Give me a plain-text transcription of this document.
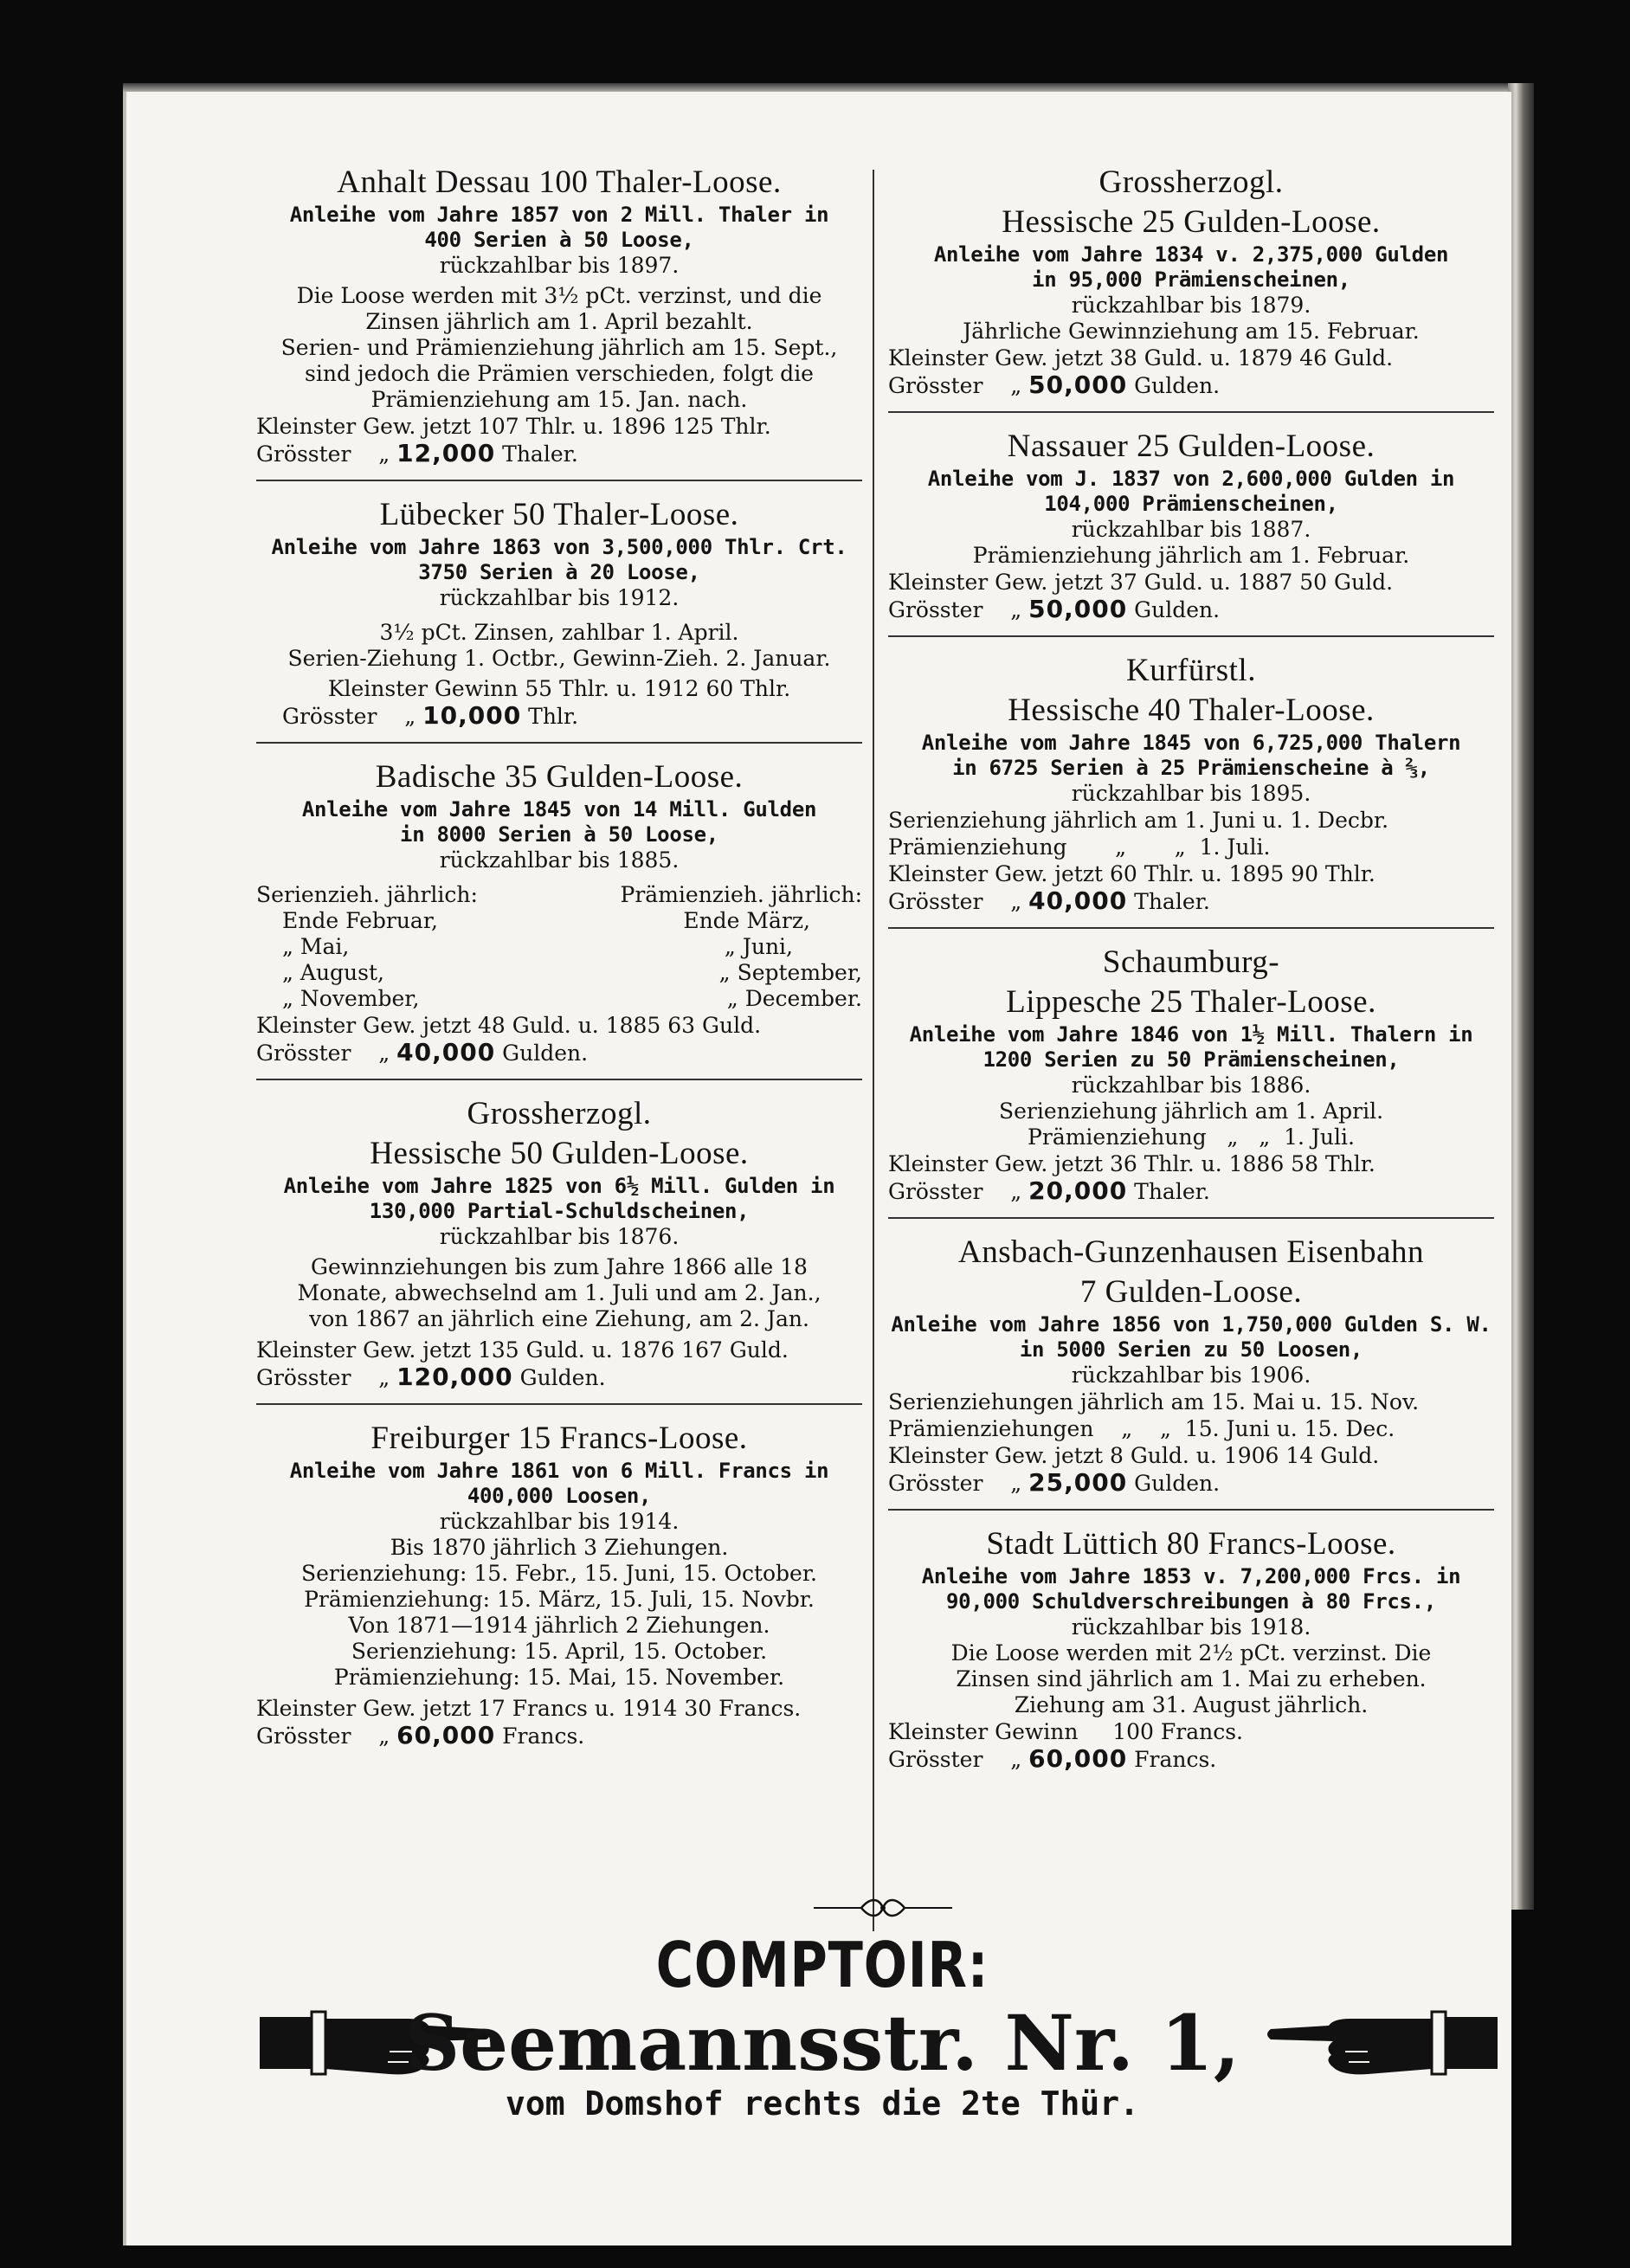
Anhalt Dessau 100 Thaler-Loose.
Anleihe vom Jahre 1857 von 2 Mill. Thaler in
400 Serien à 50 Loose,
rückzahlbar bis 1897.
Die Loose werden mit 3½ pCt. verzinst, und die
Zinsen jährlich am 1. April bezahlt.
Serien- und Prämienziehung jährlich am 15. Sept.,
sind jedoch die Prämien verschieden, folgt die
Prämienziehung am 15. Jan. nach.
Kleinster Gew. jetzt 107 Thlr. u. 1896 125 Thlr.
Grösster    „ 12,000 Thaler.
Lübecker 50 Thaler-Loose.
Anleihe vom Jahre 1863 von 3,500,000 Thlr. Crt.
3750 Serien à 20 Loose,
rückzahlbar bis 1912.
3½ pCt. Zinsen, zahlbar 1. April.
Serien-Ziehung 1. Octbr., Gewinn-Zieh. 2. Januar.
Kleinster Gewinn 55 Thlr. u. 1912 60 Thlr.
Grösster    „ 10,000 Thlr.
Badische 35 Gulden-Loose.
Anleihe vom Jahre 1845 von 14 Mill. Gulden
in 8000 Serien à 50 Loose,
rückzahlbar bis 1885.
Serienzieh. jährlich:	Prämienzieh. jährlich:
Ende Februar,	Ende März,
„ Mai,	„ Juni,
„ August,	„ September,
„ November,	„ December.
Kleinster Gew. jetzt 48 Guld. u. 1885 63 Guld.
Grösster    „ 40,000 Gulden.
Grossherzogl.
Hessische 50 Gulden-Loose.
Anleihe vom Jahre 1825 von 6½ Mill. Gulden in
130,000 Partial-Schuldscheinen,
rückzahlbar bis 1876.
Gewinnziehungen bis zum Jahre 1866 alle 18
Monate, abwechselnd am 1. Juli und am 2. Jan.,
von 1867 an jährlich eine Ziehung, am 2. Jan.
Kleinster Gew. jetzt 135 Guld. u. 1876 167 Guld.
Grösster    „ 120,000 Gulden.
Freiburger 15 Francs-Loose.
Anleihe vom Jahre 1861 von 6 Mill. Francs in
400,000 Loosen,
rückzahlbar bis 1914.
Bis 1870 jährlich 3 Ziehungen.
Serienziehung: 15. Febr., 15. Juni, 15. October.
Prämienziehung: 15. März, 15. Juli, 15. Novbr.
Von 1871—1914 jährlich 2 Ziehungen.
Serienziehung: 15. April, 15. October.
Prämienziehung: 15. Mai, 15. November.
Kleinster Gew. jetzt 17 Francs u. 1914 30 Francs.
Grösster    „ 60,000 Francs.
Grossherzogl.
Hessische 25 Gulden-Loose.
Anleihe vom Jahre 1834 v. 2,375,000 Gulden
in 95,000 Prämienscheinen,
rückzahlbar bis 1879.
Jährliche Gewinnziehung am 15. Februar.
Kleinster Gew. jetzt 38 Guld. u. 1879 46 Guld.
Grösster    „ 50,000 Gulden.
Nassauer 25 Gulden-Loose.
Anleihe vom J. 1837 von 2,600,000 Gulden in
104,000 Prämienscheinen,
rückzahlbar bis 1887.
Prämienziehung jährlich am 1. Februar.
Kleinster Gew. jetzt 37 Guld. u. 1887 50 Guld.
Grösster    „ 50,000 Gulden.
Kurfürstl.
Hessische 40 Thaler-Loose.
Anleihe vom Jahre 1845 von 6,725,000 Thalern
in 6725 Serien à 25 Prämienscheine à ⅔,
rückzahlbar bis 1895.
Serienziehung jährlich am 1. Juni u. 1. Decbr.
Prämienziehung       „       „  1. Juli.
Kleinster Gew. jetzt 60 Thlr. u. 1895 90 Thlr.
Grösster    „ 40,000 Thaler.
Schaumburg-
Lippesche 25 Thaler-Loose.
Anleihe vom Jahre 1846 von 1½ Mill. Thalern in
1200 Serien zu 50 Prämienscheinen,
rückzahlbar bis 1886.
Serienziehung jährlich am 1. April.
Prämienziehung   „   „  1. Juli.
Kleinster Gew. jetzt 36 Thlr. u. 1886 58 Thlr.
Grösster    „ 20,000 Thaler.
Ansbach-Gunzenhausen Eisenbahn
7 Gulden-Loose.
Anleihe vom Jahre 1856 von 1,750,000 Gulden S. W.
in 5000 Serien zu 50 Loosen,
rückzahlbar bis 1906.
Serienziehungen jährlich am 15. Mai u. 15. Nov.
Prämienziehungen    „    „  15. Juni u. 15. Dec.
Kleinster Gew. jetzt 8 Guld. u. 1906 14 Guld.
Grösster    „ 25,000 Gulden.
Stadt Lüttich 80 Francs-Loose.
Anleihe vom Jahre 1853 v. 7,200,000 Frcs. in
90,000 Schuldverschreibungen à 80 Frcs.,
rückzahlbar bis 1918.
Die Loose werden mit 2½ pCt. verzinst. Die
Zinsen sind jährlich am 1. Mai zu erheben.
Ziehung am 31. August jährlich.
Kleinster Gewinn     100 Francs.
Grösster    „ 60,000 Francs.
COMPTOIR:
Seemannsstr. Nr. 1,
vom Domshof rechts die 2te Thür.
